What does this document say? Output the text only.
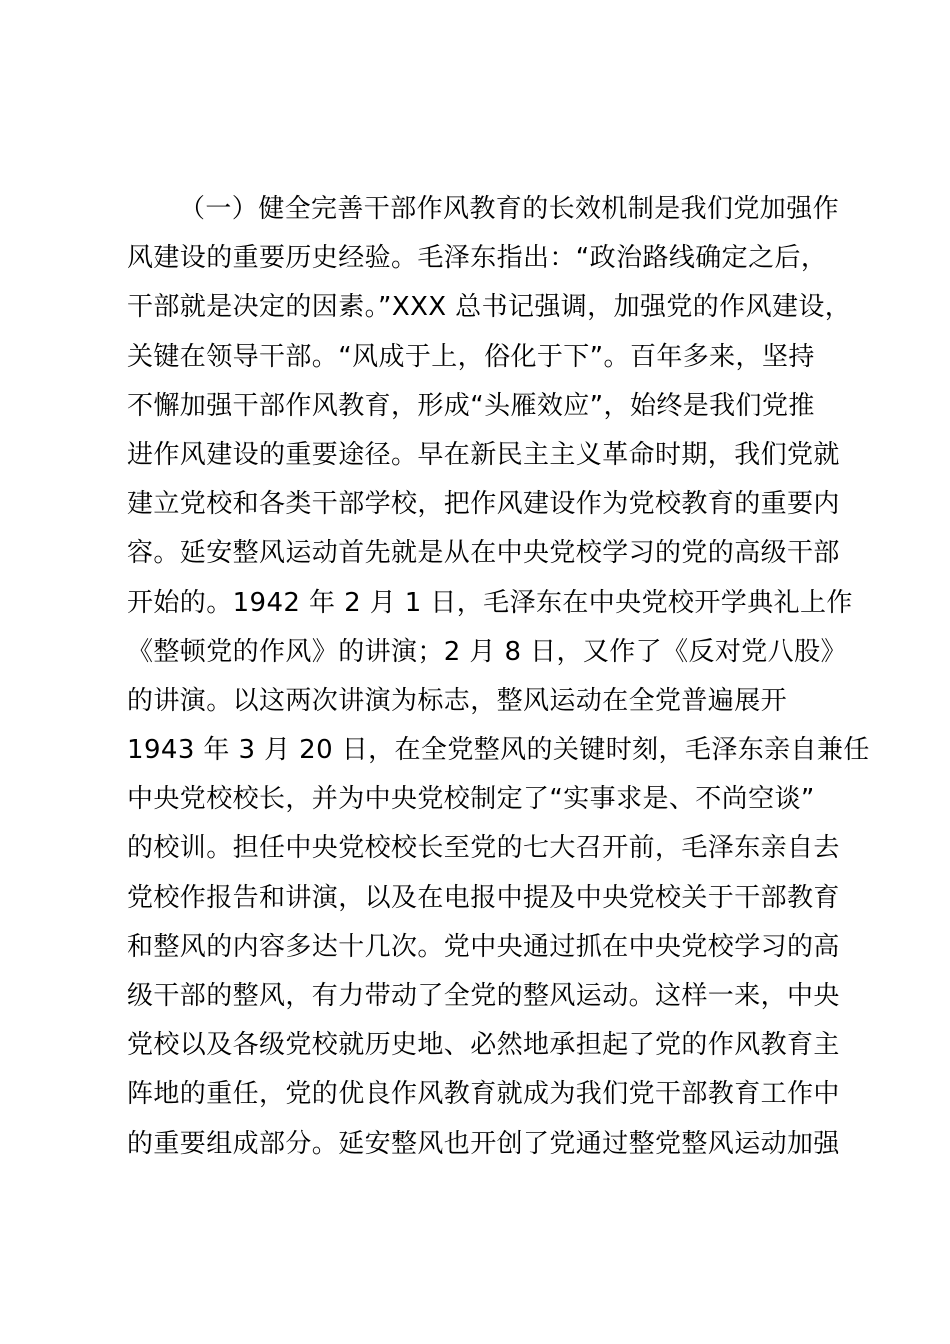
（一）健全完善干部作风教育的长效机制是我们党加强作
风建设的重要历史经验。毛泽东指出：“政治路线确定之后，
干部就是决定的因素。”XXX 总书记强调，加强党的作风建设，
关键在领导干部。“风成于上，俗化于下”。百年多来，坚持
不懈加强干部作风教育，形成“头雁效应”，始终是我们党推
进作风建设的重要途径。早在新民主主义革命时期，我们党就
建立党校和各类干部学校，把作风建设作为党校教育的重要内
容。延安整风运动首先就是从在中央党校学习的党的高级干部
开始的。1942 年 2 月 1 日，毛泽东在中央党校开学典礼上作
《整顿党的作风》的讲演；2 月 8 日，又作了《反对党八股》
的讲演。以这两次讲演为标志，整风运动在全党普遍展开
1943 年 3 月 20 日，在全党整风的关键时刻，毛泽东亲自兼任
中央党校校长，并为中央党校制定了“实事求是、不尚空谈”
的校训。担任中央党校校长至党的七大召开前，毛泽东亲自去
党校作报告和讲演，以及在电报中提及中央党校关于干部教育
和整风的内容多达十几次。党中央通过抓在中央党校学习的高
级干部的整风，有力带动了全党的整风运动。这样一来，中央
党校以及各级党校就历史地、必然地承担起了党的作风教育主
阵地的重任，党的优良作风教育就成为我们党干部教育工作中
的重要组成部分。延安整风也开创了党通过整党整风运动加强
